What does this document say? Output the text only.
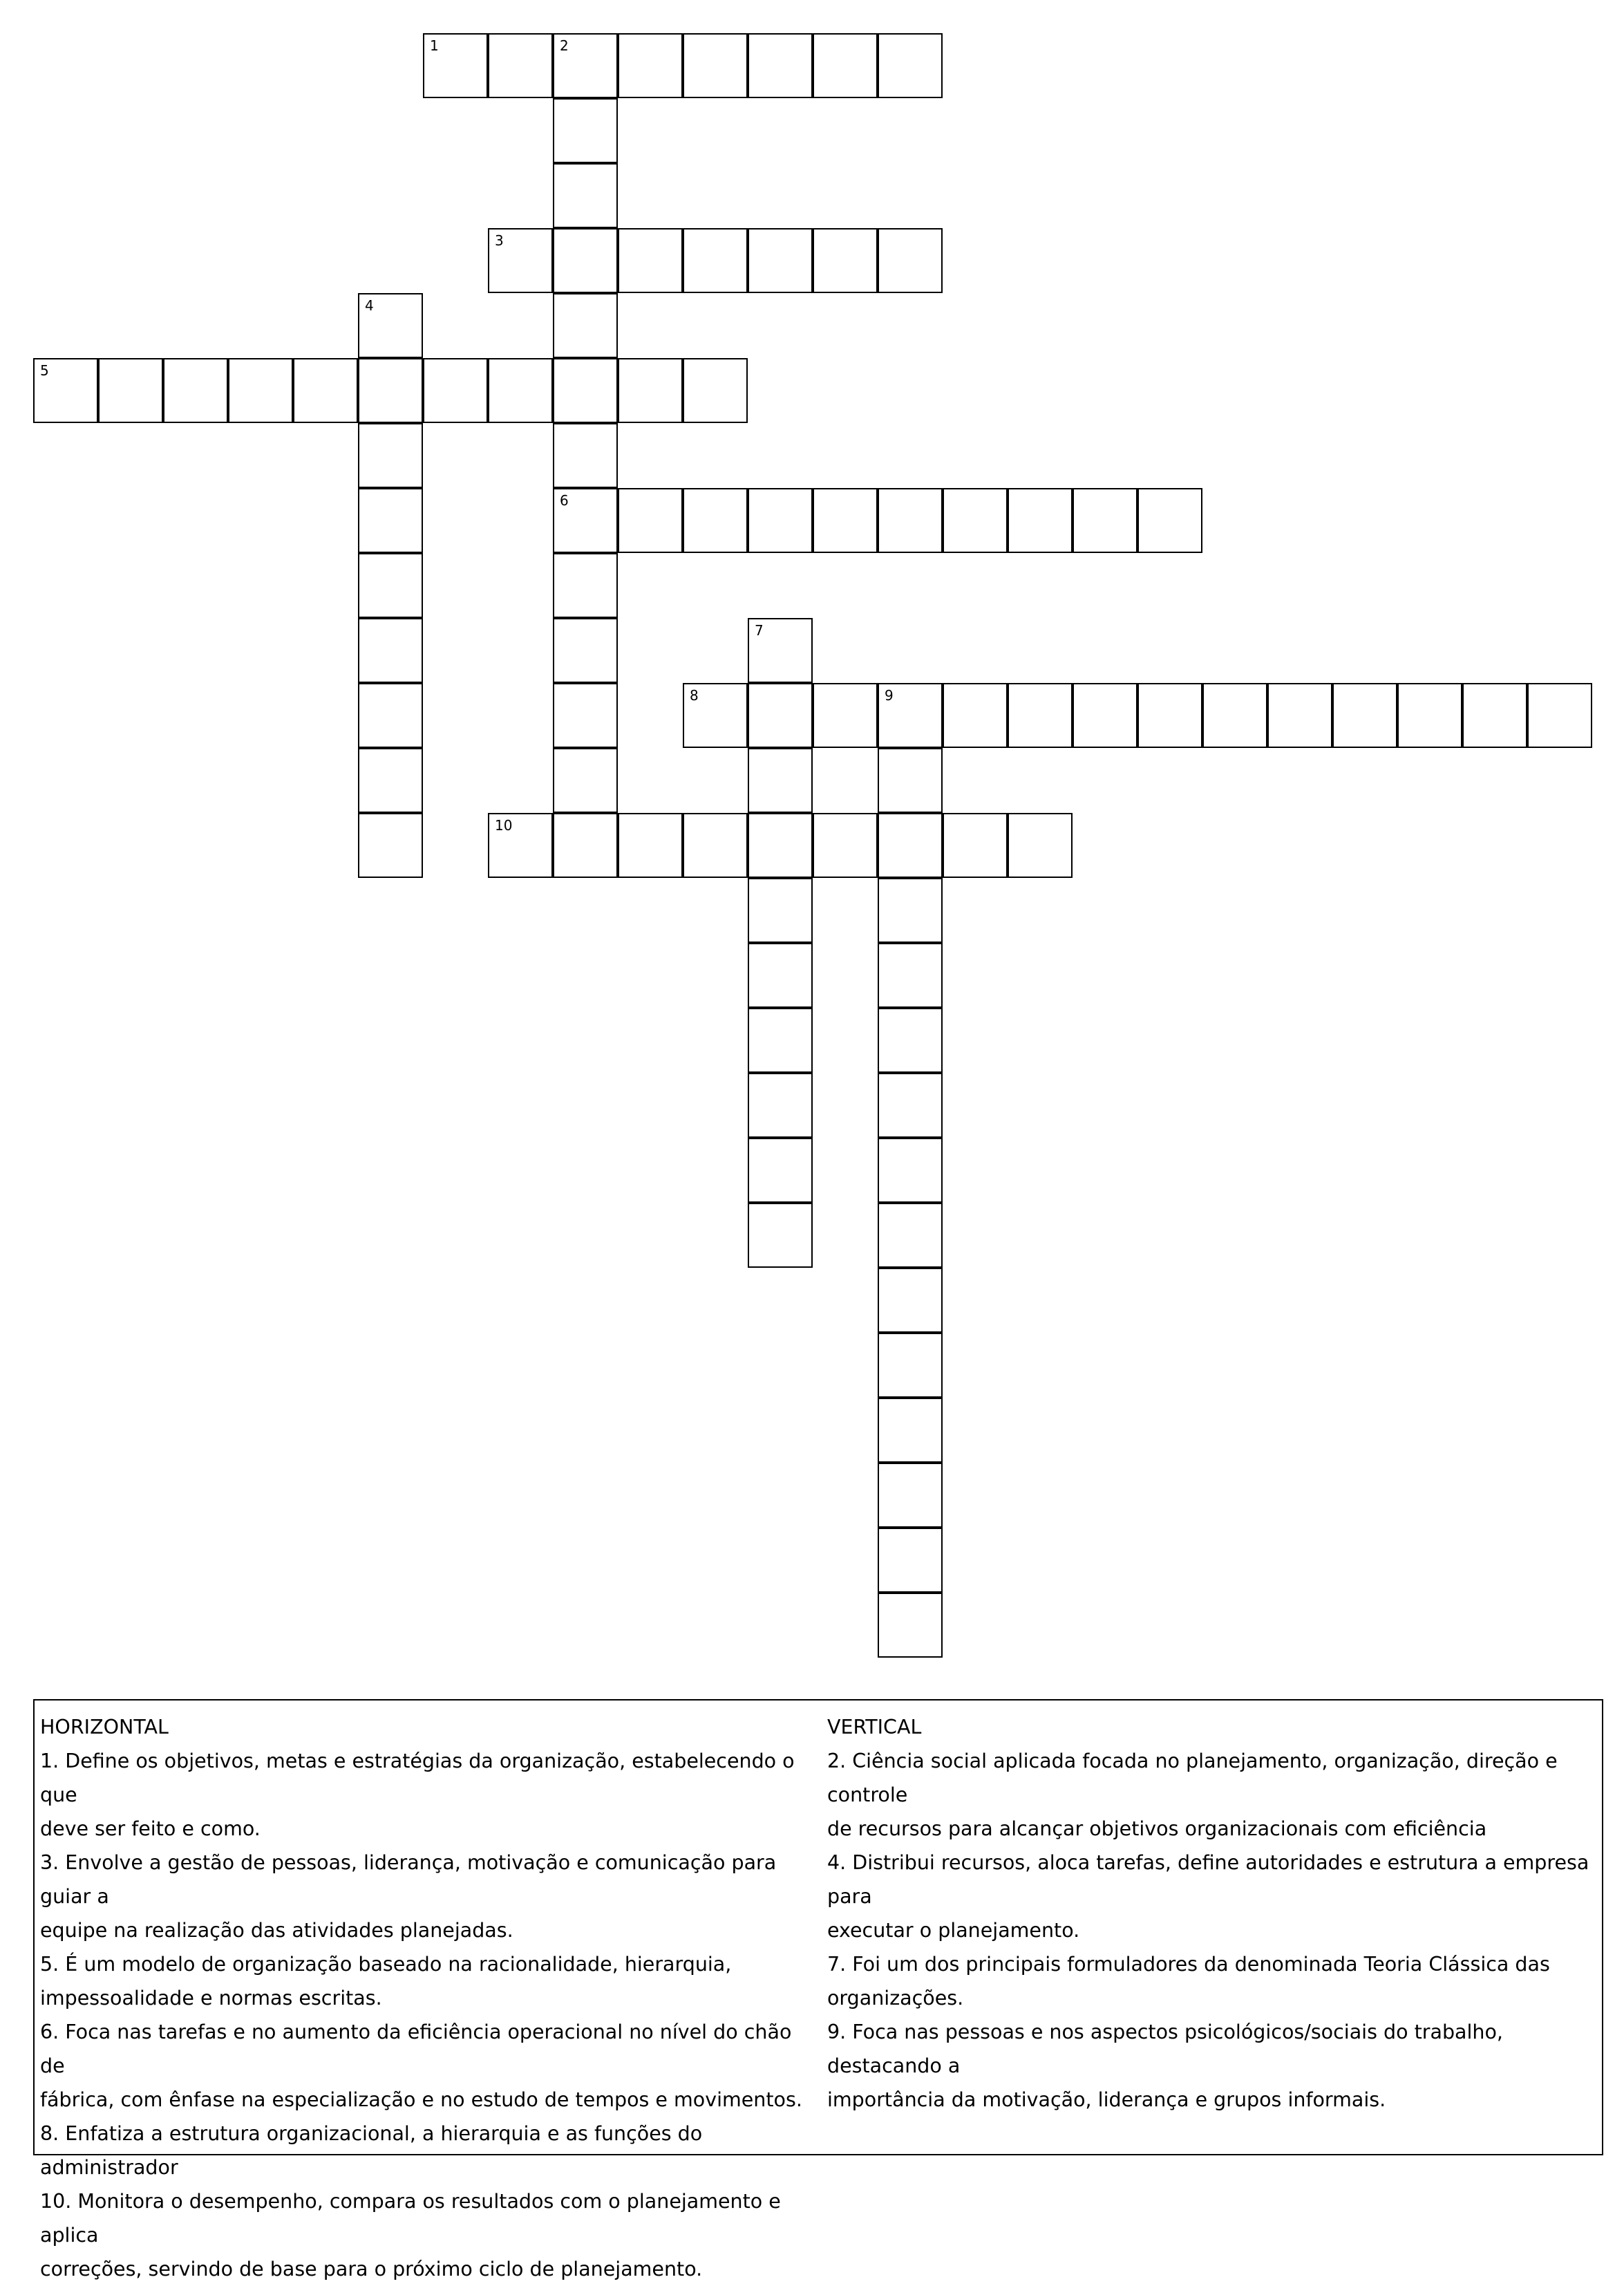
1	2
6
3
4
5
7
8	9
10

HORIZONTAL

1. Define os objetivos, metas e estratégias da organização, estabelecendo o que

deve ser feito e como.

3. Envolve a gestão de pessoas, liderança, motivação e comunicação para guiar a

equipe na realização das atividades planejadas.

5. É um modelo de organização baseado na racionalidade, hierarquia,

impessoalidade e normas escritas.

6. Foca nas tarefas e no aumento da eficiência operacional no nível do chão de

fábrica, com ênfase na especialização e no estudo de tempos e movimentos.

8. Enfatiza a estrutura organizacional, a hierarquia e as funções do administrador

10. Monitora o desempenho, compara os resultados com o planejamento e aplica

correções, servindo de base para o próximo ciclo de planejamento.

VERTICAL

2. Ciência social aplicada focada no planejamento, organização, direção e controle

de recursos para alcançar objetivos organizacionais com eficiência

4. Distribui recursos, aloca tarefas, define autoridades e estrutura a empresa para

executar o planejamento.

7. Foi um dos principais formuladores da denominada Teoria Clássica das

organizações.

9. Foca nas pessoas e nos aspectos psicológicos/sociais do trabalho, destacando a

importância da motivação, liderança e grupos informais.
